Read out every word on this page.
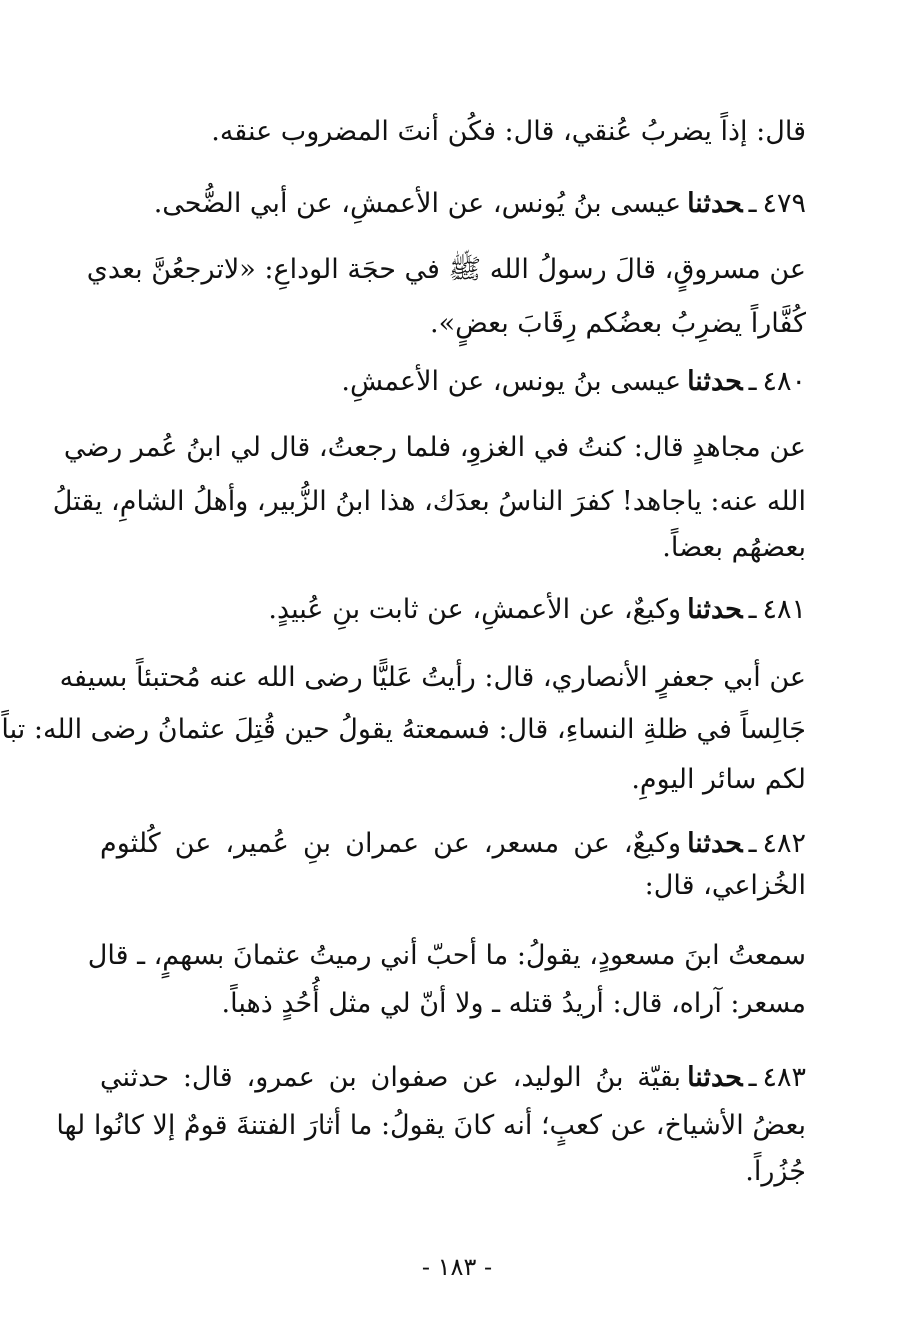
قال: إذاً يضربُ عُنقي، قال: فكُن أنتَ المضروب عنقه.
٤٧٩ـحدثناعيسى بنُ يُونس، عن الأعمشِ، عن أبي الضُّحى.
عن مسروقٍ، قالَ رسولُ الله ﷺ في حجَة الوداعِ: «لاترجعُنَّ بعدي
كُفَّاراً يضرِبُ بعضُكم رِقَابَ بعضٍ».
٤٨٠ـحدثناعيسى بنُ يونس، عن الأعمشِ.
عن مجاهدٍ قال: كنتُ في الغزوِ، فلما رجعتُ، قال لي ابنُ عُمر رضي
الله عنه: ياجاهد! كفرَ الناسُ بعدَك، هذا ابنُ الزُّبير، وأهلُ الشامِ، يقتلُ
بعضهُم بعضاً.
٤٨١ـحدثناوكيعٌ، عن الأعمشِ، عن ثابت بنِ عُبيدٍ.
عن أبي جعفرٍ الأنصاري، قال: رأيتُ عَليًّا رضى الله عنه مُحتبئاً بسيفه
جَالِساً في ظلةِ النساءِ، قال: فسمعتهُ يقولُ حين قُتِلَ عثمانُ رضى الله: تباً
لكم سائر اليومِ.
٤٨٢ـحدثناوكيعٌ، عن مسعر، عن عمران بنِ عُمير، عن كُلثوم
الخُزاعي، قال:
سمعتُ ابنَ مسعودٍ، يقولُ: ما أحبّ أني رميتُ عثمانَ بسهمٍ، ـ قال
مسعر: آراه، قال: أريدُ قتله ـ ولا أنّ لي مثل أُحُدٍ ذهباً.
٤٨٣ـحدثنابقيّة بنُ الوليد، عن صفوان بن عمرو، قال: حدثني
بعضُ الأشياخ، عن كعبٍ؛ أنه كانَ يقولُ: ما أثارَ الفتنةَ قومٌ إلا كانُوا لها
جُزُراً.
- ١٨٣ -
